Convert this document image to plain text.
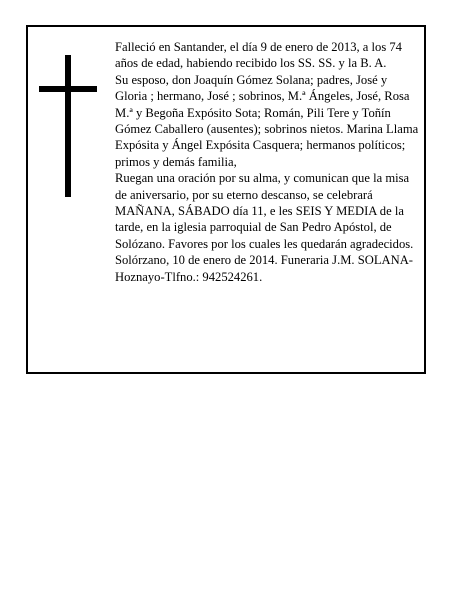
Falleció en Santander, el día 9 de enero de 2013, a los 74 años de edad, habiendo recibido los SS. SS. y la B. A.

Su esposo, don Joaquín Gómez Solana; padres, José y Gloria ; hermano, José ; sobrinos, M.ª Ángeles, José, Rosa M.ª y Begoña Expósito Sota; Román, Pili Tere y Toñín Gómez Caballero (ausentes); sobrinos nietos. Marina Llama Expósita y Ángel Expósita Casquera; hermanos políticos; primos y demás familia,

Ruegan una oración por su alma, y comunican que la misa de aniversario, por su eterno descanso, se celebrará MAÑANA, SÁBADO día 11, e les SEIS Y MEDIA de la tarde, en la iglesia parroquial de San Pedro Apóstol, de Solózano. Favores por los cuales les quedarán agradecidos.

Solórzano, 10 de enero de 2014. Funeraria J.M. SOLANA-Hoznayo-Tlfno.: 942524261.
